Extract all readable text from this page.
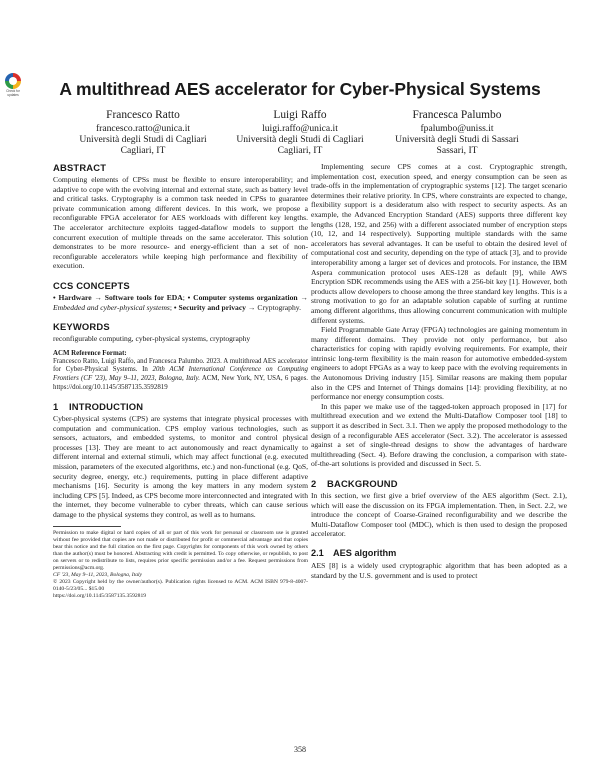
Check for updates	A multithread AES accelerator for Cyber-Physical Systems
Francesco Ratto
francesco.ratto@unica.it
Università degli Studi di Cagliari
Cagliari, IT
Luigi Raffo
luigi.raffo@unica.it
Università degli Studi di Cagliari
Cagliari, IT
Francesca Palumbo
fpalumbo@uniss.it
Università degli Studi di Sassari
Sassari, IT
ABSTRACT

Computing elements of CPSs must be flexible to ensure interoperability; and adaptive to cope with the evolving internal and external state, such as battery level and critical tasks. Cryptography is a common task needed in CPSs to guarantee private communication among different devices. In this work, we propose a reconfigurable FPGA accelerator for AES workloads with different key lengths. The accelerator architecture exploits tagged-dataflow models to support the concurrent execution of multiple threads on the same accelerator. This solution demonstrates to be more resource- and energy-efficient than a set of non-reconfigurable accelerators while keeping high performance and flexibility of execution.

CCS CONCEPTS

• Hardware → Software tools for EDA; • Computer systems organization → Embedded and cyber-physical systems; • Security and privacy → Cryptography.

KEYWORDS

reconfigurable computing, cyber-physical systems, cryptography

ACM Reference Format:

Francesco Ratto, Luigi Raffo, and Francesca Palumbo. 2023. A multithread AES accelerator for Cyber-Physical Systems. In 20th ACM International Conference on Computing Frontiers (CF '23), May 9–11, 2023, Bologna, Italy. ACM, New York, NY, USA, 6 pages. https://doi.org/10.1145/3587135.3592819

1 INTRODUCTION

Cyber-physical systems (CPS) are systems that integrate physical processes with computation and communication. CPS employ various technologies, such as sensors, actuators, and embedded systems, to monitor and control physical processes [13]. They are meant to act autonomously and react dynamically to different internal and external stimuli, which may affect functional (e.g. executed mission, parameters of the executed algorithms, etc.) and non-functional (e.g. QoS, security degree, energy, etc.) requirements, putting in place different adaptive mechanisms [16]. Security is among the key matters in any modern system including CPS [5]. Indeed, as CPS become more interconnected and integrated with the internet, they become vulnerable to cyber threats, which can cause serious damage to the physical systems they control, as well as to humans.

Permission to make digital or hard copies of all or part of this work for personal or classroom use is granted without fee provided that copies are not made or distributed for profit or commercial advantage and that copies bear this notice and the full citation on the first page. Copyrights for components of this work owned by others than the author(s) must be honored. Abstracting with credit is permitted. To copy otherwise, or republish, to post on servers or to redistribute to lists, requires prior specific permission and/or a fee. Request permissions from permissions@acm.org.

CF '23, May 9–11, 2023, Bologna, Italy

© 2023 Copyright held by the owner/author(s). Publication rights licensed to ACM. ACM ISBN 979-8-4007-0140-5/23/05... $15.00

https://doi.org/10.1145/3587135.3592819

Implementing secure CPS comes at a cost. Cryptographic strength, implementation cost, execution speed, and energy consumption can be seen as trade-offs in the implementation of cryptographic systems [12]. The target scenario determines their relative priority. In CPS, where constraints are expected to change, flexibility support is a desideratum also with respect to security aspects. As an example, the Advanced Encryption Standard (AES) supports three different key lengths (128, 192, and 256) with a different associated number of encryption steps (10, 12, and 14 respectively). Supporting multiple standards with the same accelerators has several advantages. It can be useful to obtain the desired level of computational cost and security, depending on the type of attack [3], and to provide interoperability among a larger set of devices and protocols. For instance, the IBM Aspera communication protocol uses AES-128 as default [9], while AWS Encryption SDK recommends using the AES with a 256-bit key [1]. However, both products allow developers to choose among the three standard key lengths. This is a strong motivation to go for an adaptable solution capable of surfing at runtime among different algorithms, thus allowing concurrent communication with multiple different systems.

Field Programmable Gate Array (FPGA) technologies are gaining momentum in many different domains. They provide not only performance, but also characteristics for coping with rapidly evolving requirements. For example, their intrinsic long-term flexibility is the main reason for automotive embedded-system engineers to adopt FPGAs as a way to keep pace with the evolving requirements in the Autonomous Driving industry [15]. Similar reasons are making them popular also in the CPS and Internet of Things domains [14]: providing flexibility, at no performance nor energy consumption costs.

In this paper we make use of the tagged-token approach proposed in [17] for multithread execution and we extend the Multi-Dataflow Composer tool [18] to support it as described in Sect. 3.1. Then we apply the proposed methodology to the design of a reconfigurable AES accelerator (Sect. 3.2). The accelerator is assessed against a set of single-thread designs to show the advantages of hardware multithreading (Sect. 4). Before drawing the conclusion, a comparison with state-of-the-art solutions is provided and discussed in Sect. 5.

2 BACKGROUND

In this section, we first give a brief overview of the AES algorithm (Sect. 2.1), which will ease the discussion on its FPGA implementation. Then, in Sect. 2.2, we introduce the concept of Coarse-Grained reconfigurability and we describe the Multi-Dataflow Composer tool (MDC), which is then used to design the proposed accelerator.

2.1 AES algorithm

AES [8] is a widely used cryptographic algorithm that has been adopted as a standard by the U.S. government and is used to protect

358
